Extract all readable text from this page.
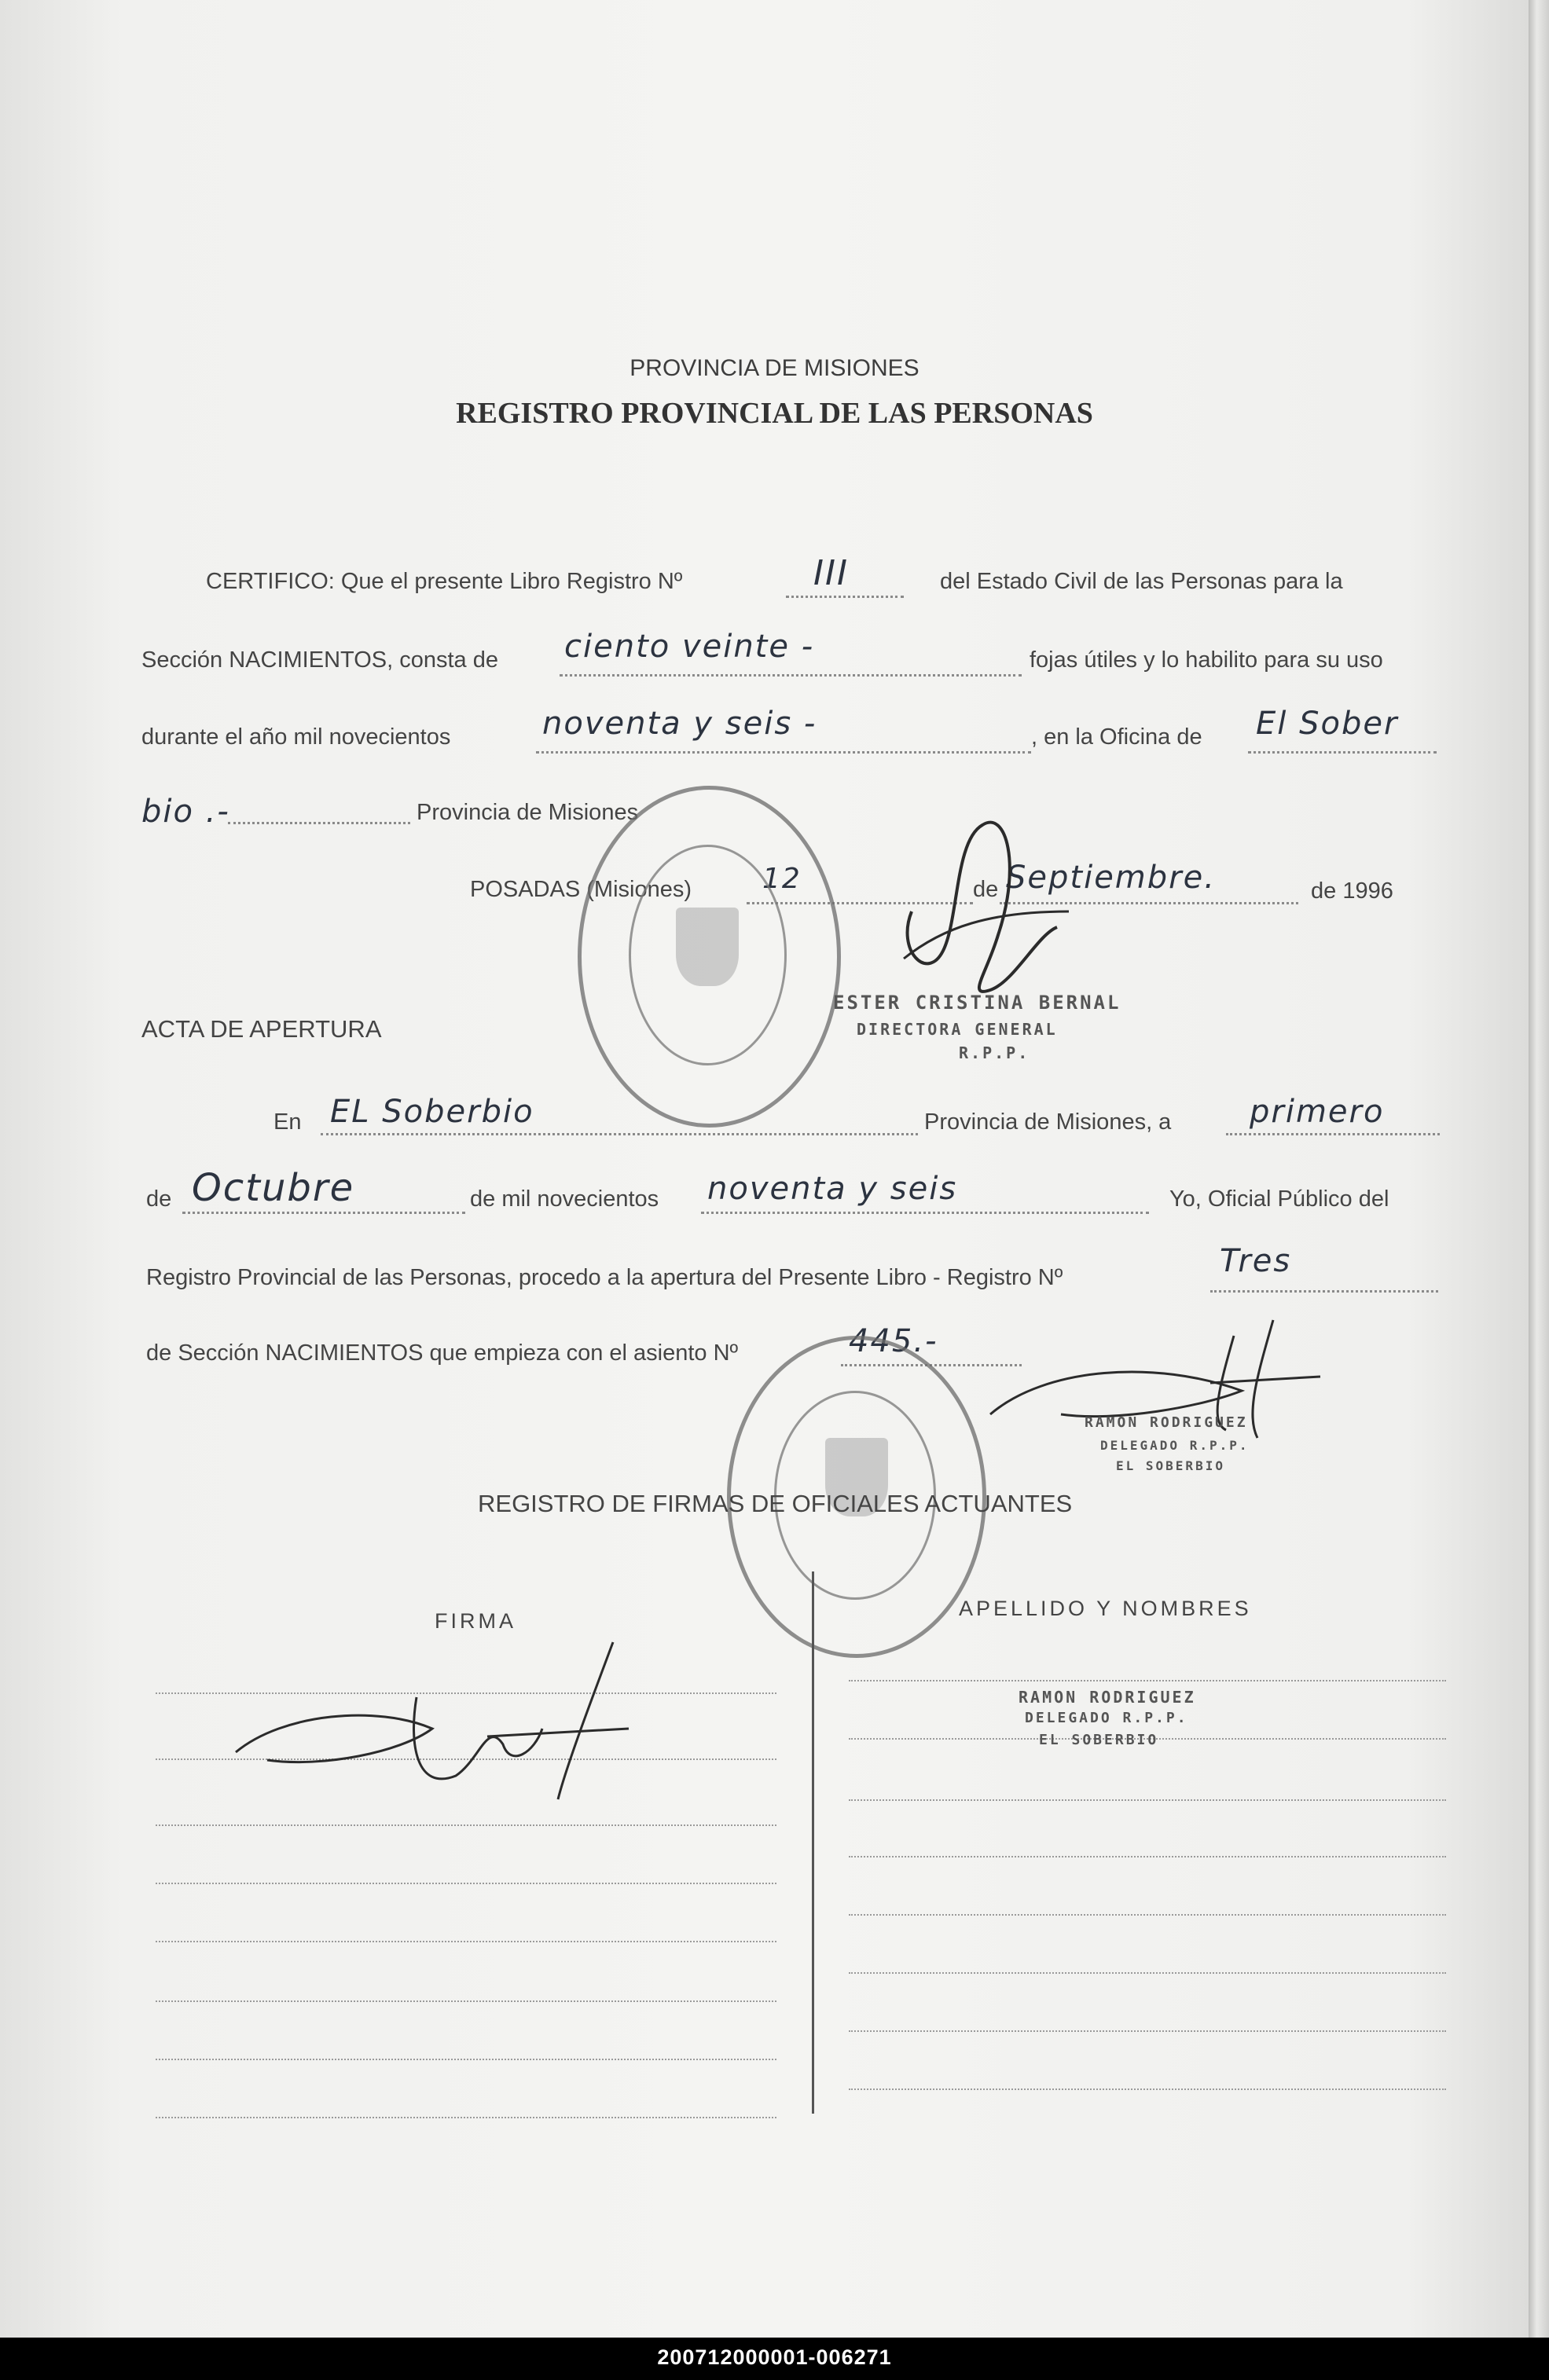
PROVINCIA DE MISIONES
REGISTRO PROVINCIAL DE LAS PERSONAS
CERTIFICO: Que el presente Libro Registro Nº	III	del Estado Civil de las Personas para la
Sección NACIMIENTOS, consta de ciento veinte -	fojas útiles y lo habilito para su uso
durante el año mil novecientos	noventa y seis -	, en la Oficina de El Sober
bio .-	Provincia de Misiones
POSADAS (Misiones) 12	de Septiembre.	de 1996
ESTER CRISTINA BERNAL
DIRECTORA GENERAL
R.P.P.
ACTA DE APERTURA
En EL Soberbio	Provincia de Misiones, a primero
de Octubre	de mil novecientos noventa y seis	Yo, Oficial Público del
Registro Provincial de las Personas, procedo a la apertura del Presente Libro - Registro Nº	Tres
de Sección NACIMIENTOS que empieza con el asiento Nº	445.-
RAMON RODRIGUEZ
DELEGADO R.P.P.
EL SOBERBIO
REGISTRO DE FIRMAS DE OFICIALES ACTUANTES
FIRMA
APELLIDO Y NOMBRES
RAMON RODRIGUEZ
DELEGADO R.P.P.
EL SOBERBIO
200712000001-006271
